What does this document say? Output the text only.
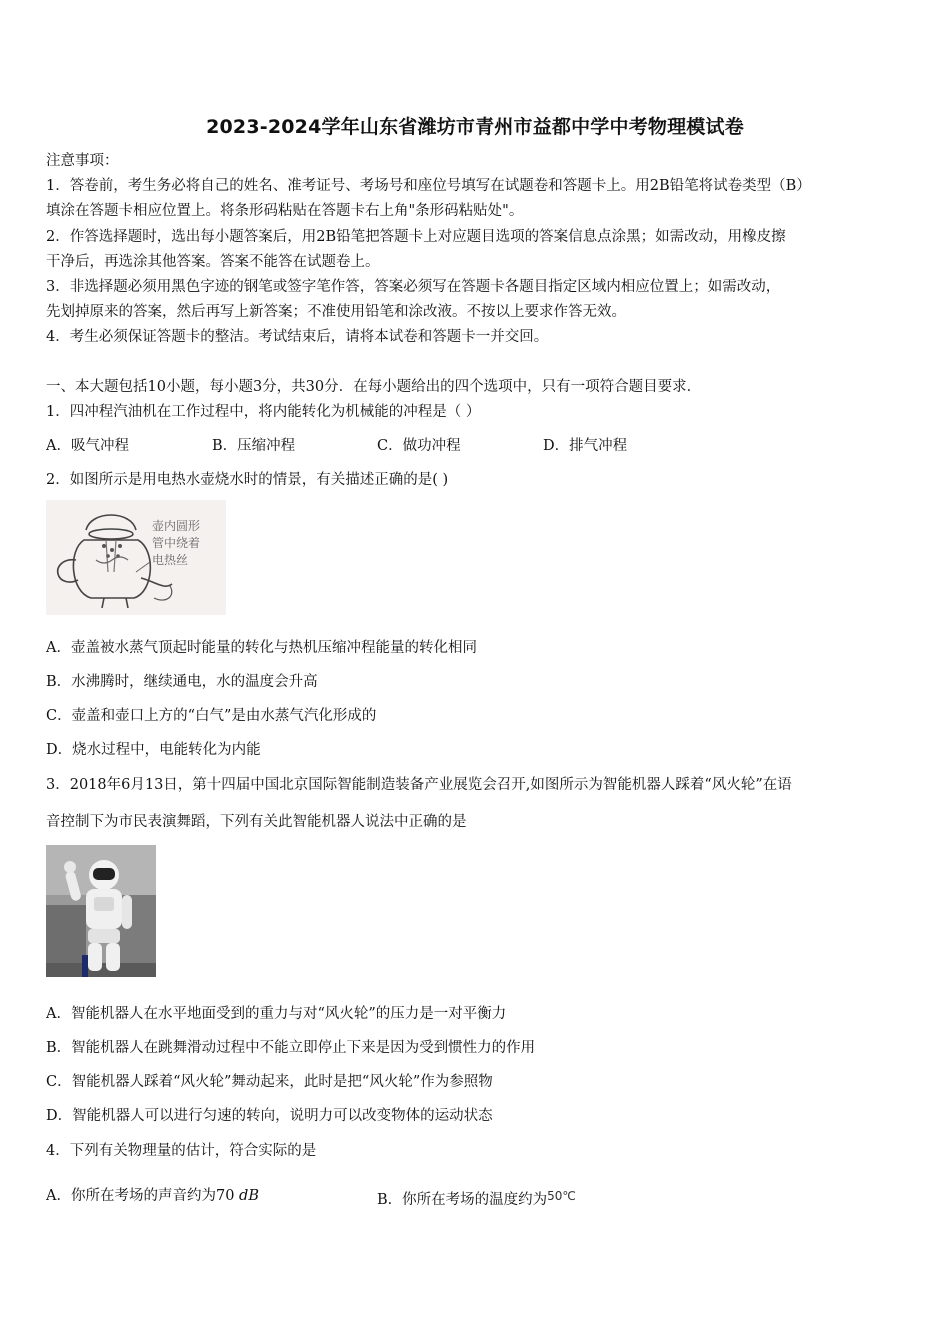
2023-2024学年山东省潍坊市青州市益都中学中考物理模试卷
注意事项：
1．答卷前，考生务必将自己的姓名、准考证号、考场号和座位号填写在试题卷和答题卡上。用2B铅笔将试卷类型（B）
填涂在答题卡相应位置上。将条形码粘贴在答题卡右上角"条形码粘贴处"。
2．作答选择题时，选出每小题答案后，用2B铅笔把答题卡上对应题目选项的答案信息点涂黑；如需改动，用橡皮擦
干净后，再选涂其他答案。答案不能答在试题卷上。
3．非选择题必须用黑色字迹的钢笔或签字笔作答，答案必须写在答题卡各题目指定区域内相应位置上；如需改动，
先划掉原来的答案，然后再写上新答案；不准使用铅笔和涂改液。不按以上要求作答无效。
4．考生必须保证答题卡的整洁。考试结束后，请将本试卷和答题卡一并交回。
一、本大题包括10小题，每小题3分，共30分．在每小题给出的四个选项中，只有一项符合题目要求．
1．四冲程汽油机在工作过程中，将内能转化为机械能的冲程是（ ）
A．吸气冲程	B．压缩冲程	C．做功冲程	D．排气冲程
2．如图所示是用电热水壶烧水时的情景，有关描述正确的是( )
壶内圆形
管中绕着
电热丝
A．壶盖被水蒸气顶起时能量的转化与热机压缩冲程能量的转化相同
B．水沸腾时，继续通电，水的温度会升高
C．壶盖和壶口上方的“白气”是由水蒸气汽化形成的
D．烧水过程中，电能转化为内能
3．2018年6月13日，第十四届中国北京国际智能制造装备产业展览会召开,如图所示为智能机器人踩着“风火轮”在语
音控制下为市民表演舞蹈，下列有关此智能机器人说法中正确的是
A．智能机器人在水平地面受到的重力与对“风火轮”的压力是一对平衡力
B．智能机器人在跳舞滑动过程中不能立即停止下来是因为受到惯性力的作用
C．智能机器人踩着“风火轮”舞动起来，此时是把“风火轮”作为参照物
D．智能机器人可以进行匀速的转向，说明力可以改变物体的运动状态
4．下列有关物理量的估计，符合实际的是
A．你所在考场的声音约为70 dB	B．你所在考场的温度约为$^{50℃}$
